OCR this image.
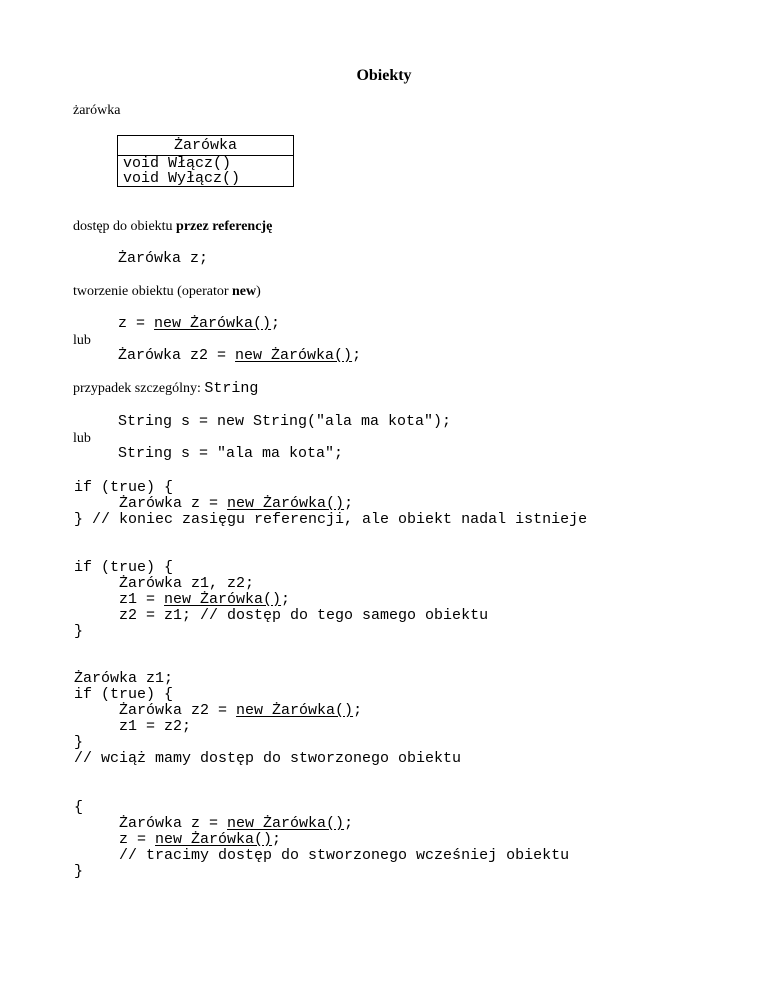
Obiekty
żarówka
Żarówka
void Włącz()
void Wyłącz()
dostęp do obiektu przez referencję
Żarówka z;
tworzenie obiektu (operator new)
z = new Żarówka();
lub
Żarówka z2 = new Żarówka();
przypadek szczególny: String
String s = new String("ala ma kota");
lub
String s = "ala ma kota";
if (true) {
Żarówka z = new Żarówka();
} // koniec zasięgu referencji, ale obiekt nadal istnieje
if (true) {
Żarówka z1, z2;
z1 = new Żarówka();
z2 = z1; // dostęp do tego samego obiektu
}
Żarówka z1;
if (true) {
Żarówka z2 = new Żarówka();
z1 = z2;
}
// wciąż mamy dostęp do stworzonego obiektu
{
Żarówka z = new Żarówka();
z = new Żarówka();
// tracimy dostęp do stworzonego wcześniej obiektu
}
